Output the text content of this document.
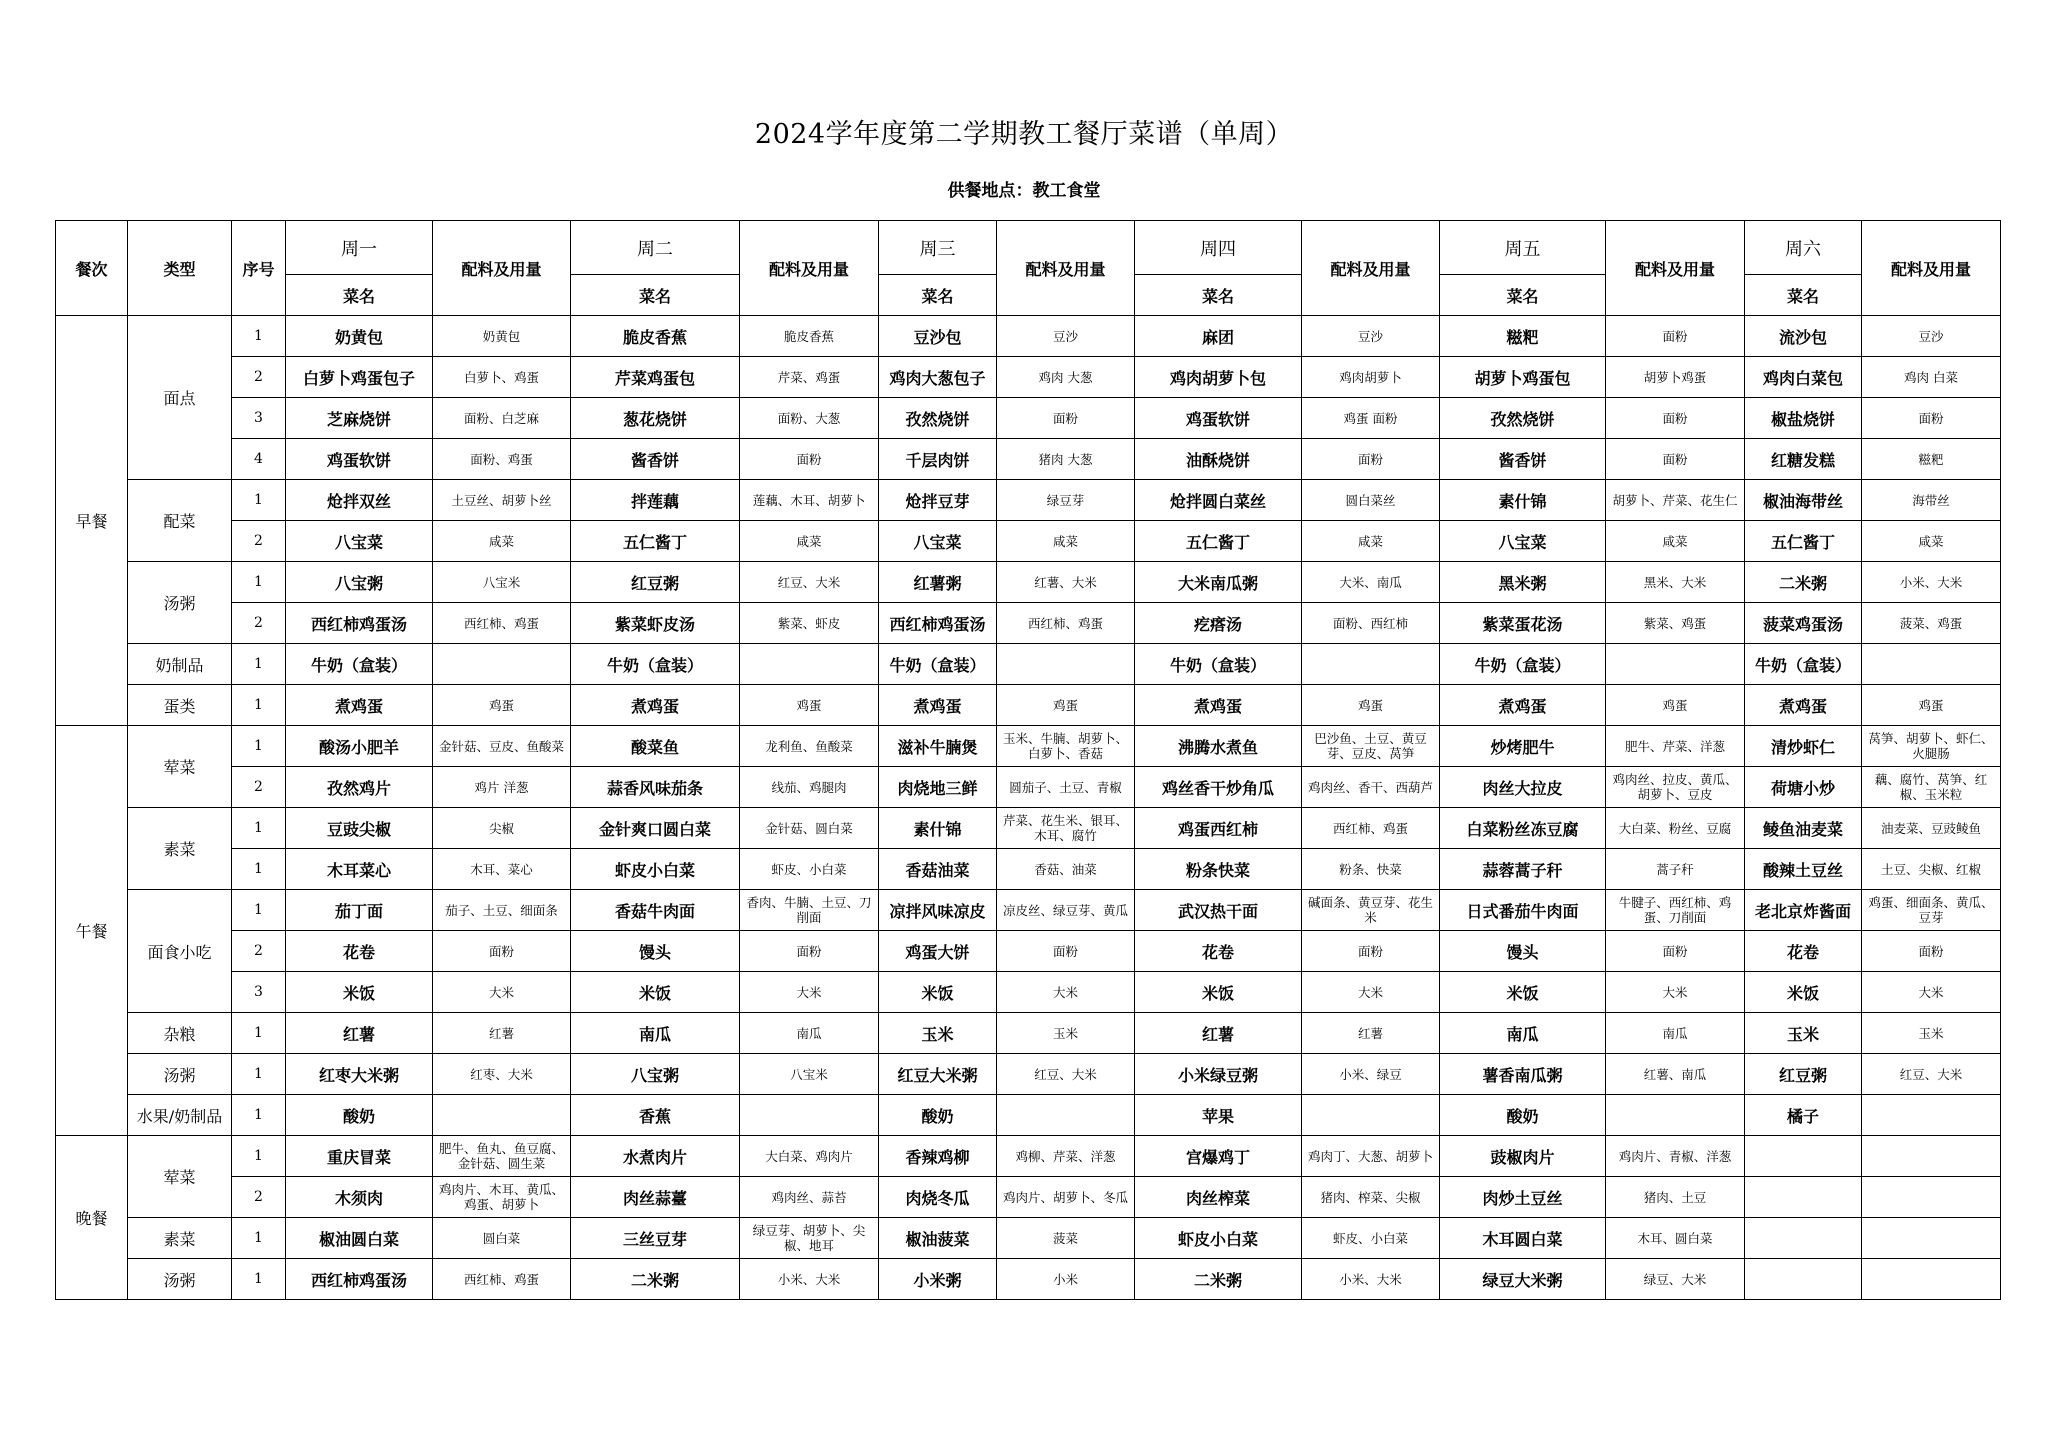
2024学年度第二学期教工餐厅菜谱（单周）
供餐地点：教工食堂
餐次	类型	序号	周一	配料及用量	周二	配料及用量	周三	配料及用量	周四	配料及用量	周五	配料及用量	周六	配料及用量
			菜名		菜名		菜名		菜名		菜名		菜名	
早餐	面点	1	奶黄包	奶黄包	脆皮香蕉	脆皮香蕉	豆沙包	豆沙	麻团	豆沙	糍粑	面粉	流沙包	豆沙
		2	白萝卜鸡蛋包子	白萝卜、鸡蛋	芹菜鸡蛋包	芹菜、鸡蛋	鸡肉大葱包子	鸡肉 大葱	鸡肉胡萝卜包	鸡肉胡萝卜	胡萝卜鸡蛋包	胡萝卜鸡蛋	鸡肉白菜包	鸡肉 白菜
		3	芝麻烧饼	面粉、白芝麻	葱花烧饼	面粉、大葱	孜然烧饼	面粉	鸡蛋软饼	鸡蛋 面粉	孜然烧饼	面粉	椒盐烧饼	面粉
		4	鸡蛋软饼	面粉、鸡蛋	酱香饼	面粉	千层肉饼	猪肉 大葱	油酥烧饼	面粉	酱香饼	面粉	红糖发糕	糍粑
	配菜	1	炝拌双丝	土豆丝、胡萝卜丝	拌莲藕	莲藕、木耳、胡萝卜	炝拌豆芽	绿豆芽	炝拌圆白菜丝	圆白菜丝	素什锦	胡萝卜、芹菜、花生仁	椒油海带丝	海带丝
		2	八宝菜	咸菜	五仁酱丁	咸菜	八宝菜	咸菜	五仁酱丁	咸菜	八宝菜	咸菜	五仁酱丁	咸菜
	汤粥	1	八宝粥	八宝米	红豆粥	红豆、大米	红薯粥	红薯、大米	大米南瓜粥	大米、南瓜	黑米粥	黑米、大米	二米粥	小米、大米
		2	西红柿鸡蛋汤	西红柿、鸡蛋	紫菜虾皮汤	紫菜、虾皮	西红柿鸡蛋汤	西红柿、鸡蛋	疙瘩汤	面粉、西红柿	紫菜蛋花汤	紫菜、鸡蛋	菠菜鸡蛋汤	菠菜、鸡蛋
	奶制品	1	牛奶（盒装）		牛奶（盒装）		牛奶（盒装）		牛奶（盒装）		牛奶（盒装）		牛奶（盒装）	
	蛋类	1	煮鸡蛋	鸡蛋	煮鸡蛋	鸡蛋	煮鸡蛋	鸡蛋	煮鸡蛋	鸡蛋	煮鸡蛋	鸡蛋	煮鸡蛋	鸡蛋
午餐	荤菜	1	酸汤小肥羊	金针菇、豆皮、鱼酸菜	酸菜鱼	龙利鱼、鱼酸菜	滋补牛腩煲	玉米、牛腩、胡萝卜、白萝卜、香菇	沸腾水煮鱼	巴沙鱼、土豆、黄豆芽、豆皮、莴笋	炒烤肥牛	肥牛、芹菜、洋葱	清炒虾仁	莴笋、胡萝卜、虾仁、火腿肠
		2	孜然鸡片	鸡片 洋葱	蒜香风味茄条	线茄、鸡腿肉	肉烧地三鲜	圆茄子、土豆、青椒	鸡丝香干炒角瓜	鸡肉丝、香干、西葫芦	肉丝大拉皮	鸡肉丝、拉皮、黄瓜、胡萝卜、豆皮	荷塘小炒	藕、腐竹、莴笋、红椒、玉米粒
	素菜	1	豆豉尖椒	尖椒	金针爽口圆白菜	金针菇、圆白菜	素什锦	芹菜、花生米、银耳、木耳、腐竹	鸡蛋西红柿	西红柿、鸡蛋	白菜粉丝冻豆腐	大白菜、粉丝、豆腐	鲮鱼油麦菜	油麦菜、豆豉鲮鱼
		1	木耳菜心	木耳、菜心	虾皮小白菜	虾皮、小白菜	香菇油菜	香菇、油菜	粉条快菜	粉条、快菜	蒜蓉蒿子秆	蒿子秆	酸辣土豆丝	土豆、尖椒、红椒
	面食小吃	1	茄丁面	茄子、土豆、细面条	香菇牛肉面	香肉、牛腩、土豆、刀削面	凉拌风味凉皮	凉皮丝、绿豆芽、黄瓜	武汉热干面	碱面条、黄豆芽、花生米	日式番茄牛肉面	牛腱子、西红柿、鸡蛋、刀削面	老北京炸酱面	鸡蛋、细面条、黄瓜、豆芽
		2	花卷	面粉	馒头	面粉	鸡蛋大饼	面粉	花卷	面粉	馒头	面粉	花卷	面粉
		3	米饭	大米	米饭	大米	米饭	大米	米饭	大米	米饭	大米	米饭	大米
	杂粮	1	红薯	红薯	南瓜	南瓜	玉米	玉米	红薯	红薯	南瓜	南瓜	玉米	玉米
	汤粥	1	红枣大米粥	红枣、大米	八宝粥	八宝米	红豆大米粥	红豆、大米	小米绿豆粥	小米、绿豆	薯香南瓜粥	红薯、南瓜	红豆粥	红豆、大米
	水果/奶制品	1	酸奶		香蕉		酸奶		苹果		酸奶		橘子	
晚餐	荤菜	1	重庆冒菜	肥牛、鱼丸、鱼豆腐、金针菇、圆生菜	水煮肉片	大白菜、鸡肉片	香辣鸡柳	鸡柳、芹菜、洋葱	宫爆鸡丁	鸡肉丁、大葱、胡萝卜	豉椒肉片	鸡肉片、青椒、洋葱		
		2	木须肉	鸡肉片、木耳、黄瓜、鸡蛋、胡萝卜	肉丝蒜薹	鸡肉丝、蒜苔	肉烧冬瓜	鸡肉片、胡萝卜、冬瓜	肉丝榨菜	猪肉、榨菜、尖椒	肉炒土豆丝	猪肉、土豆		
	素菜	1	椒油圆白菜	圆白菜	三丝豆芽	绿豆芽、胡萝卜、尖椒、地耳	椒油菠菜	菠菜	虾皮小白菜	虾皮、小白菜	木耳圆白菜	木耳、圆白菜		
	汤粥	1	西红柿鸡蛋汤	西红柿、鸡蛋	二米粥	小米、大米	小米粥	小米	二米粥	小米、大米	绿豆大米粥	绿豆、大米		
